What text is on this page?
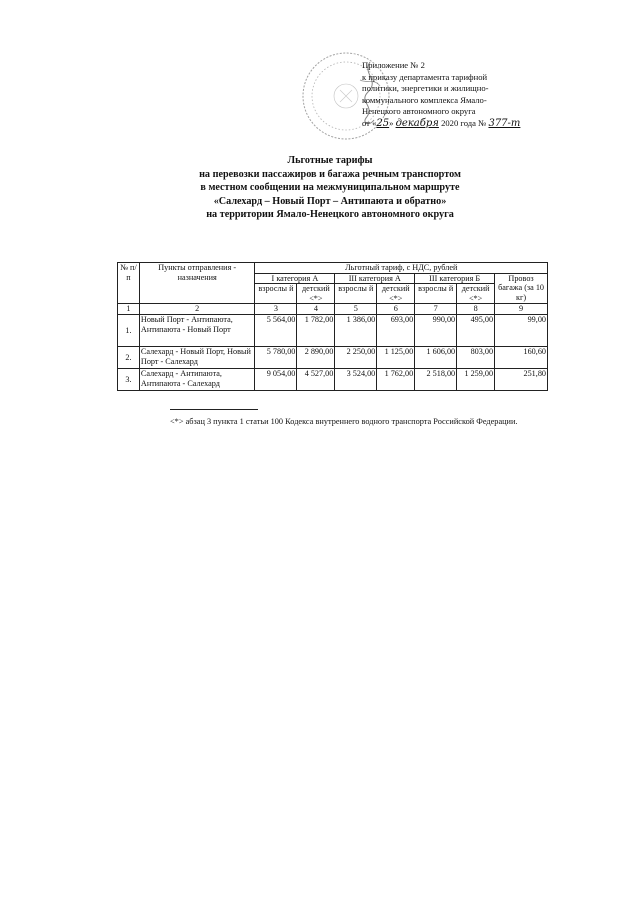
Приложение № 2
к приказу департамента тарифной
политики, энергетики и жилищно-
коммунального комплекса Ямало-
Ненецкого автономного округа
от «25» декабря 2020 года № 377-т
Льготные тарифы
на перевозки пассажиров и багажа речным транспортом
в местном сообщении на межмуниципальном маршруте
«Салехард – Новый Порт – Антипаюта и обратно»
на территории Ямало-Ненецкого автономного округа
№ п/п	Пункты отправления - назначения	Льготный тариф, с НДС, рублей						
		I категория А		III категория А		III категория Б		Провоз багажа (за 10 кг)
		взрослы й	детский <*>	взрослы й	детский <*>	взрослы й	детский <*>	
1	2	3	4	5	6	7	8	9
1.	Новый Порт - Антипаюта, Антипаюта - Новый Порт	5 564,00	1 782,00	1 386,00	693,00	990,00	495,00	99,00
2.	Салехард - Новый Порт, Новый Порт - Салехард	5 780,00	2 890,00	2 250,00	1 125,00	1 606,00	803,00	160,60
3.	Салехард - Антипаюта, Антипаюта - Салехард	9 054,00	4 527,00	3 524,00	1 762,00	2 518,00	1 259,00	251,80
<*> абзац 3 пункта 1 статьи 100 Кодекса внутреннего водного транспорта Российской Федерации.
